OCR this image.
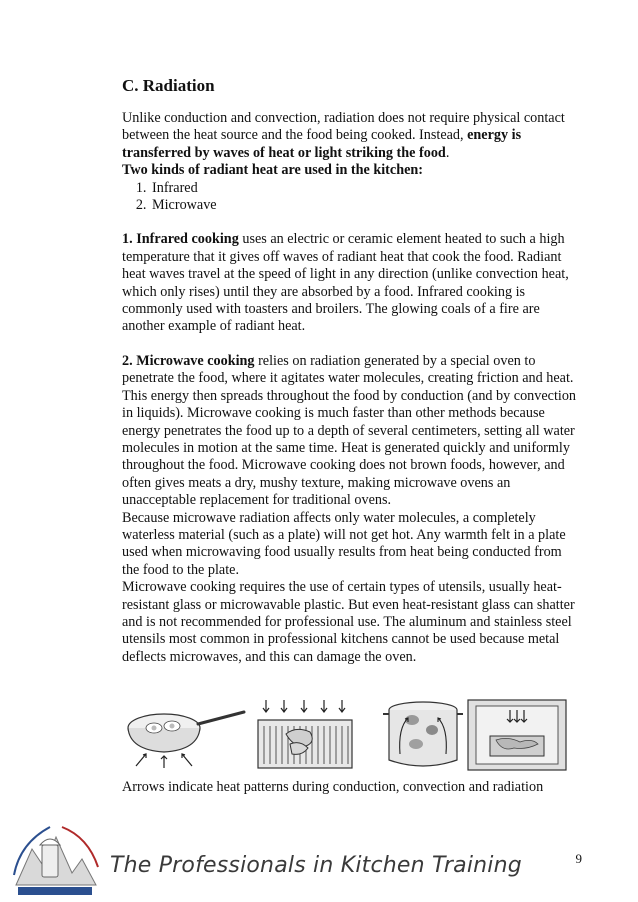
C. Radiation

Unlike conduction and convection, radiation does not require physical contact between the heat source and the food being cooked. Instead, energy is transferred by waves of heat or light striking the food.

Two kinds of radiant heat are used in the kitchen:

1. Infrared
2. Microwave

1. Infrared cooking uses an electric or ceramic element heated to such a high temperature that it gives off waves of radiant heat that cook the food. Radiant heat waves travel at the speed of light in any direction (unlike convection heat, which only rises) until they are absorbed by a food. Infrared cooking is commonly used with toasters and broilers. The glowing coals of a fire are another example of radiant heat.

2. Microwave cooking relies on radiation generated by a special oven to penetrate the food, where it agitates water molecules, creating friction and heat. This energy then spreads throughout the food by conduction (and by convection in liquids). Microwave cooking is much faster than other methods because energy penetrates the food up to a depth of several centimeters, setting all water molecules in motion at the same time. Heat is generated quickly and uniformly throughout the food. Microwave cooking does not brown foods, however, and often gives meats a dry, mushy texture, making microwave ovens an unacceptable replacement for traditional ovens.

Because microwave radiation affects only water molecules, a completely waterless material (such as a plate) will not get hot. Any warmth felt in a plate used when microwaving food usually results from heat being conducted from the food to the plate.

Microwave cooking requires the use of certain types of utensils, usually heat-resistant glass or microwavable plastic. But even heat-resistant glass can shatter and is not recommended for professional use. The aluminum and stainless steel utensils most common in professional kitchens cannot be used because metal deflects microwaves, and this can damage the oven.

Arrows indicate heat patterns during conduction, convection and radiation
The Professionals in Kitchen Training	9
